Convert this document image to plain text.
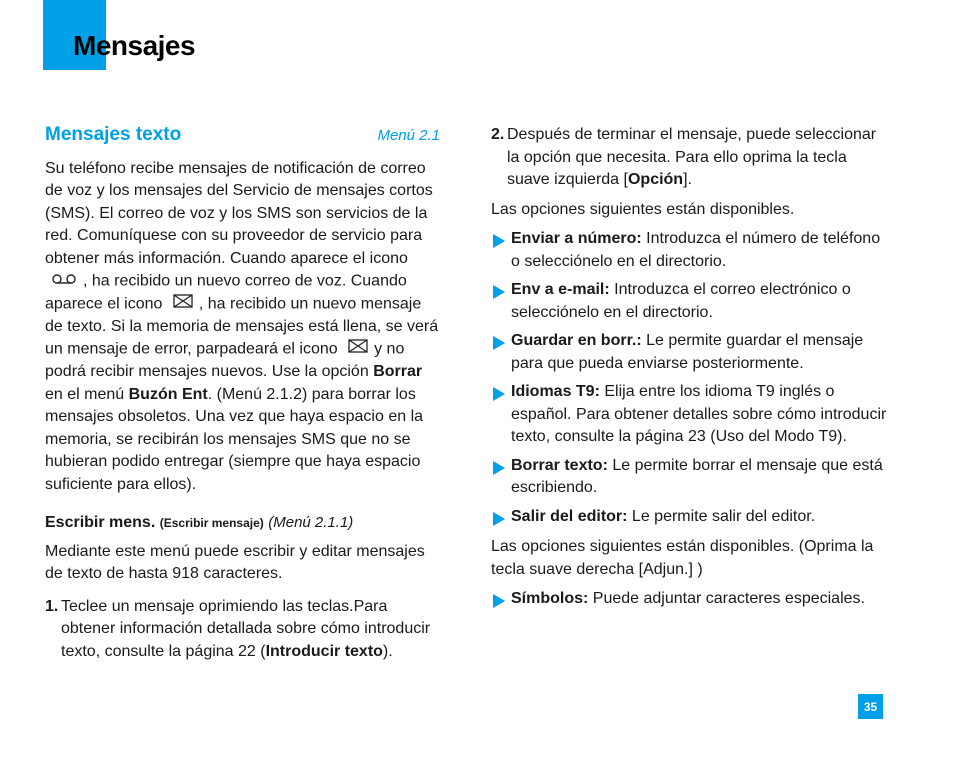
Mensajes
Mensajes texto	Menú 2.1

Su teléfono recibe mensajes de notificación de correo de voz y los mensajes del Servicio de mensajes cortos (SMS). El correo de voz y los SMS son servicios de la red. Comuníquese con su proveedor de servicio para obtener más información. Cuando aparece el icono , ha recibido un nuevo correo de voz. Cuando aparece el icono , ha recibido un nuevo mensaje de texto. Si la memoria de mensajes está llena, se verá un mensaje de error, parpadeará el icono y no podrá recibir mensajes nuevos. Use la opción Borrar en el menú Buzón Ent. (Menú 2.1.2) para borrar los mensajes obsoletos. Una vez que haya espacio en la memoria, se recibirán los mensajes SMS que no se hubieran podido entregar (siempre que haya espacio suficiente para ellos).

Escribir mens. (Escribir mensaje) (Menú 2.1.1)

Mediante este menú puede escribir y editar mensajes de texto de hasta 918 caracteres.

1. Teclee un mensaje oprimiendo las teclas.Para obtener información detallada sobre cómo introducir texto, consulte la página 22 (Introducir texto).
2. Después de terminar el mensaje, puede seleccionar la opción que necesita. Para ello oprima la tecla suave izquierda [Opción].

Las opciones siguientes están disponibles.

Enviar a número: Introduzca el número de teléfono o selecciónelo en el directorio.
Env a e-mail: Introduzca el correo electrónico o selecciónelo en el directorio.
Guardar en borr.: Le permite guardar el mensaje para que pueda enviarse posteriormente.
Idiomas T9: Elija entre los idioma T9 inglés o español. Para obtener detalles sobre cómo introducir texto, consulte la página 23 (Uso del Modo T9).
Borrar texto: Le permite borrar el mensaje que está escribiendo.
Salir del editor: Le permite salir del editor.

Las opciones siguientes están disponibles. (Oprima la tecla suave derecha [Adjun.] )

Símbolos: Puede adjuntar caracteres especiales.
35
